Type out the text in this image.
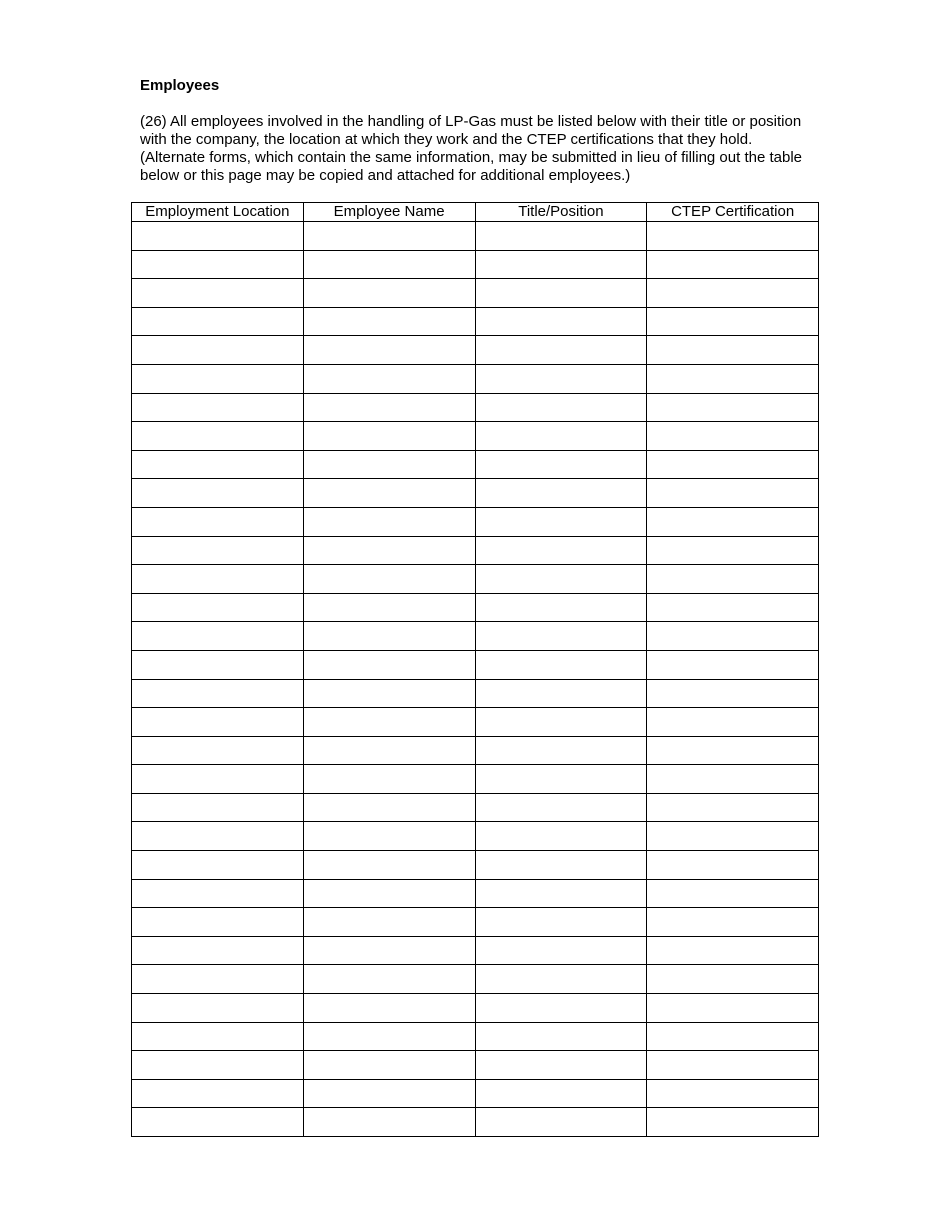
Employees

(26) All employees involved in the handling of LP-Gas must be listed below with their title or position with the company, the location at which they work and the CTEP certifications that they hold. (Alternate forms, which contain the same information, may be submitted in lieu of filling out the table below or this page may be copied and attached for additional employees.)

Employment Location	Employee Name	Title/Position	CTEP Certification
